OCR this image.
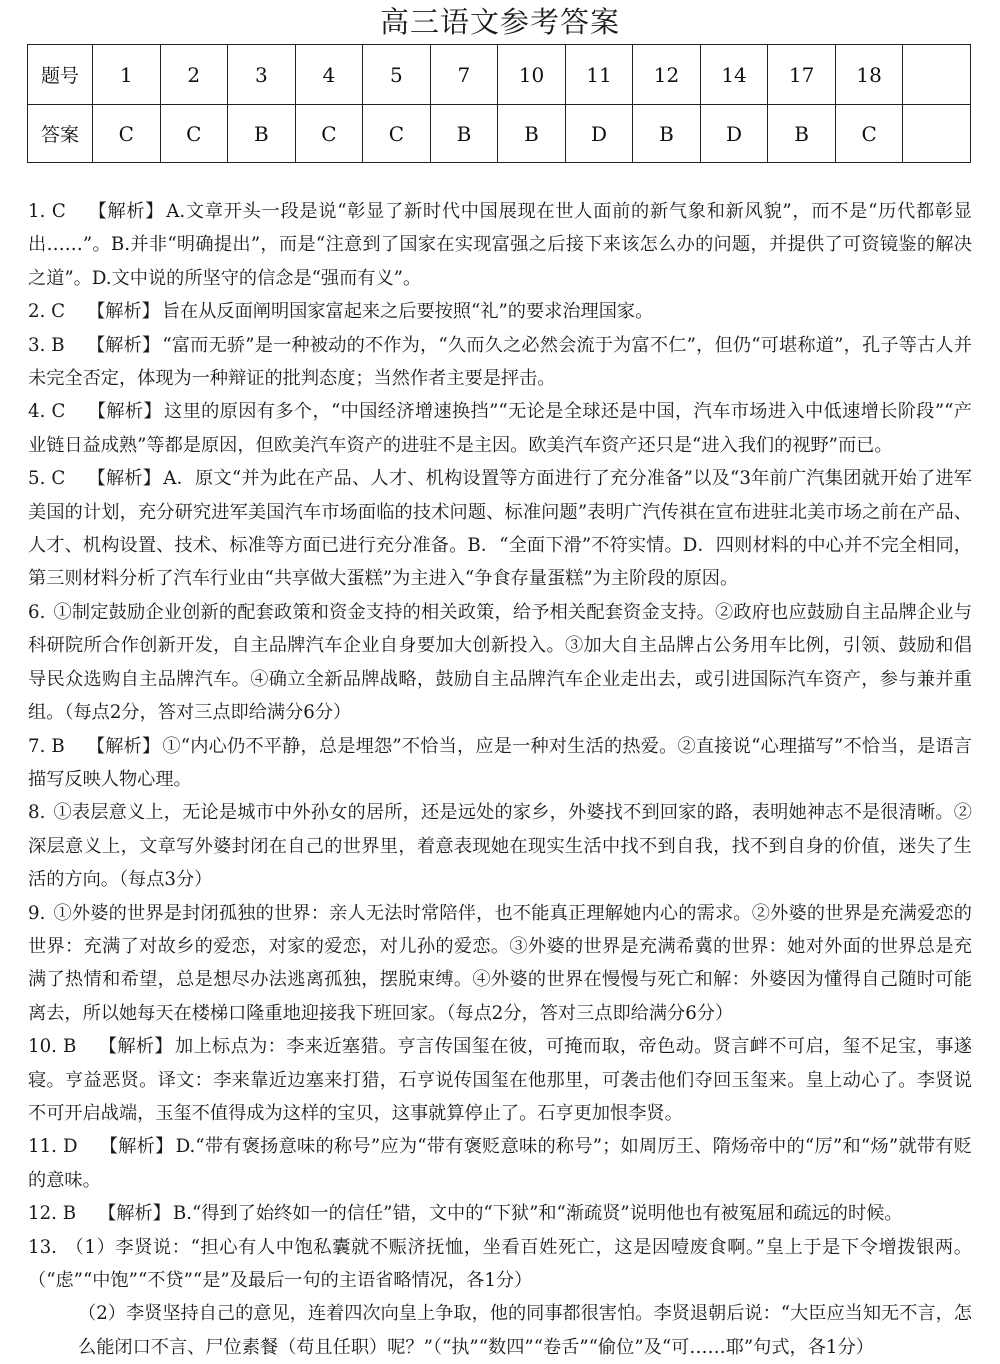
高三语文参考答案
题号	1	2	3	4	5	7	10	11	12	14	17	18	
答案	C	C	B	C	C	B	B	D	B	D	B	C	

1. C 【解析】 A.文章开头一段是说“彰显了新时代中国展现在世人面前的新气象和新风貌”，而不是“历代都彰显出……”。B.并非“明确提出”，而是“注意到了国家在实现富强之后接下来该怎么办的问题，并提供了可资镜鉴的解决之道”。D.文中说的所坚守的信念是“强而有义”。

2. C 【解析】 旨在从反面阐明国家富起来之后要按照“礼”的要求治理国家。

3. B 【解析】 “富而无骄”是一种被动的不作为，“久而久之必然会流于为富不仁”，但仍“可堪称道”，孔子等古人并未完全否定，体现为一种辩证的批判态度；当然作者主要是抨击。

4. C 【解析】 这里的原因有多个，“中国经济增速换挡”“无论是全球还是中国，汽车市场进入中低速增长阶段”“产业链日益成熟”等都是原因，但欧美汽车资产的进驻不是主因。欧美汽车资产还只是“进入我们的视野”而已。

5. C 【解析】 A．原文“并为此在产品、人才、机构设置等方面进行了充分准备”以及“3年前广汽集团就开始了进军美国的计划，充分研究进军美国汽车市场面临的技术问题、标准问题”表明广汽传祺在宣布进驻北美市场之前在产品、人才、机构设置、技术、标准等方面已进行充分准备。B．“全面下滑”不符实情。D．四则材料的中心并不完全相同，第三则材料分析了汽车行业由“共享做大蛋糕”为主进入“争食存量蛋糕”为主阶段的原因。

6. ①制定鼓励企业创新的配套政策和资金支持的相关政策，给予相关配套资金支持。②政府也应鼓励自主品牌企业与科研院所合作创新开发，自主品牌汽车企业自身要加大创新投入。③加大自主品牌占公务用车比例，引领、鼓励和倡导民众选购自主品牌汽车。④确立全新品牌战略，鼓励自主品牌汽车企业走出去，或引进国际汽车资产，参与兼并重组。（每点2分，答对三点即给满分6分）

7. B 【解析】 ①“内心仍不平静，总是埋怨”不恰当，应是一种对生活的热爱。②直接说“心理描写”不恰当，是语言描写反映人物心理。

8. ①表层意义上，无论是城市中外孙女的居所，还是远处的家乡，外婆找不到回家的路，表明她神志不是很清晰。②深层意义上，文章写外婆封闭在自己的世界里，着意表现她在现实生活中找不到自我，找不到自身的价值，迷失了生活的方向。（每点3分）

9. ①外婆的世界是封闭孤独的世界：亲人无法时常陪伴，也不能真正理解她内心的需求。②外婆的世界是充满爱恋的世界：充满了对故乡的爱恋，对家的爱恋，对儿孙的爱恋。③外婆的世界是充满希冀的世界：她对外面的世界总是充满了热情和希望，总是想尽办法逃离孤独，摆脱束缚。④外婆的世界在慢慢与死亡和解：外婆因为懂得自己随时可能离去，所以她每天在楼梯口隆重地迎接我下班回家。（每点2分，答对三点即给满分6分）

10. B 【解析】 加上标点为：李来近塞猎。亨言传国玺在彼，可掩而取，帝色动。贤言衅不可启，玺不足宝，事遂寝。亨益恶贤。译文：李来靠近边塞来打猎，石亨说传国玺在他那里，可袭击他们夺回玉玺来。皇上动心了。李贤说不可开启战端，玉玺不值得成为这样的宝贝，这事就算停止了。石亨更加恨李贤。

11. D 【解析】 D.“带有褒扬意味的称号”应为“带有褒贬意味的称号”；如周厉王、隋炀帝中的“厉”和“炀”就带有贬的意味。

12. B 【解析】 B.“得到了始终如一的信任”错，文中的“下狱”和“渐疏贤”说明他也有被冤屈和疏远的时候。

13. （1）李贤说：“担心有人中饱私囊就不赈济抚恤，坐看百姓死亡，这是因噎废食啊。”皇上于是下令增拨银两。（“虑”“中饱”“不贷”“是”及最后一句的主语省略情况，各1分）

（2）李贤坚持自己的意见，连着四次向皇上争取，他的同事都很害怕。李贤退朝后说：“大臣应当知无不言，怎么能闭口不言、尸位素餐（苟且任职）呢？”（“执”“数四”“卷舌”“偷位”及“可……耶”句式，各1分）
